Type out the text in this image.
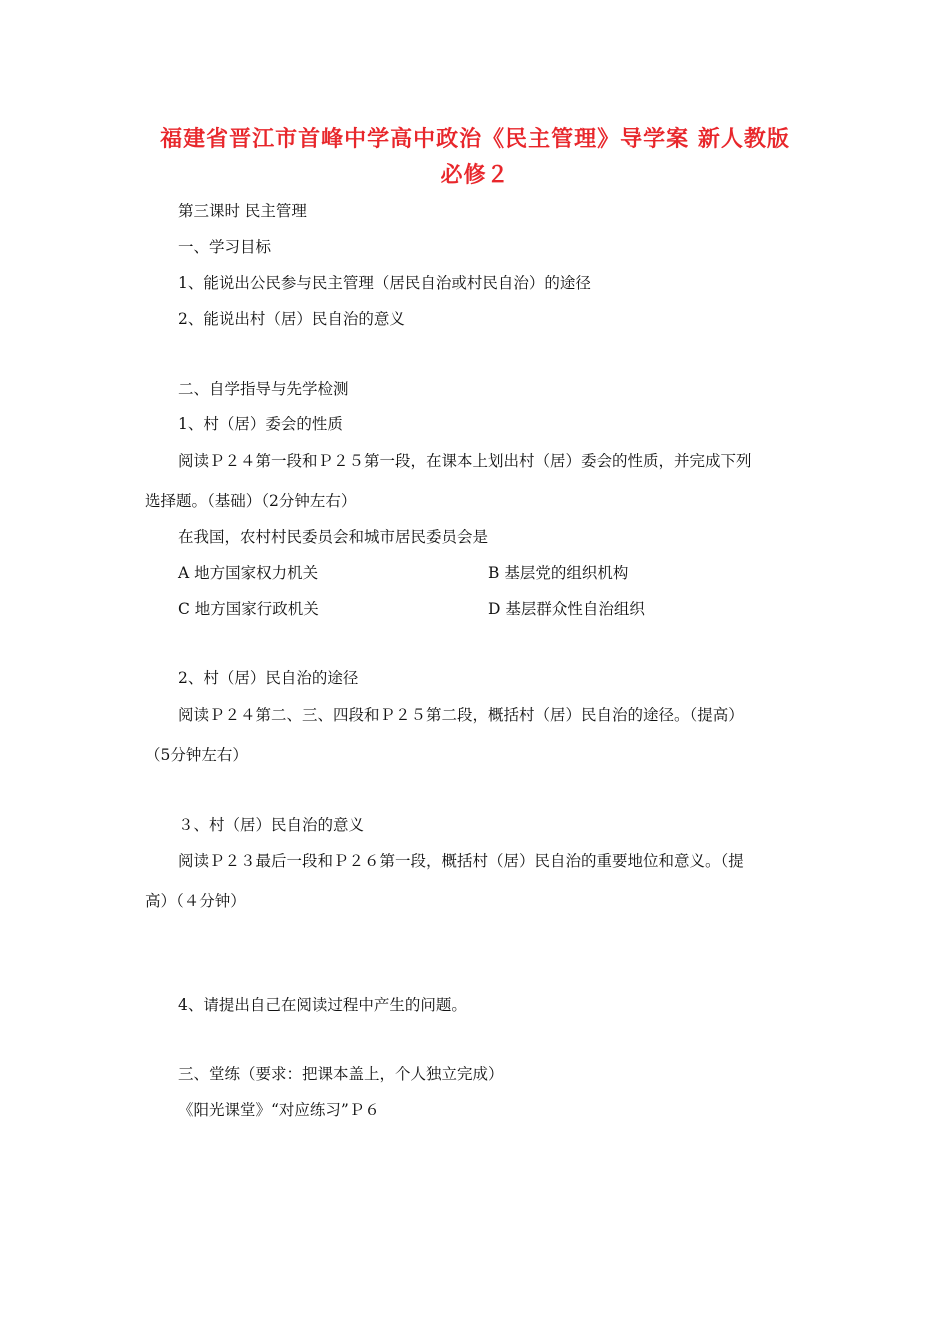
福建省晋江市首峰中学高中政治《民主管理》导学案 新人教版
必修２
第三课时 民主管理
一、学习目标
1、能说出公民参与民主管理（居民自治或村民自治）的途径
2、能说出村（居）民自治的意义
二、自学指导与先学检测
1、村（居）委会的性质
阅读Ｐ２４第一段和Ｐ２５第一段，在课本上划出村（居）委会的性质，并完成下列
选择题。（基础）（2分钟左右）
在我国，农村村民委员会和城市居民委员会是
A 地方国家权力机关	B 基层党的组织机构
C 地方国家行政机关	D 基层群众性自治组织
2、村（居）民自治的途径
阅读Ｐ２４第二、三、四段和Ｐ２５第二段，概括村（居）民自治的途径。（提高）
（5分钟左右）
３、村（居）民自治的意义
阅读Ｐ２３最后一段和Ｐ２６第一段，概括村（居）民自治的重要地位和意义。（提
高）（４分钟）
4、请提出自己在阅读过程中产生的问题。
三、堂练（要求：把课本盖上，个人独立完成）
《阳光课堂》“对应练习”Ｐ６
